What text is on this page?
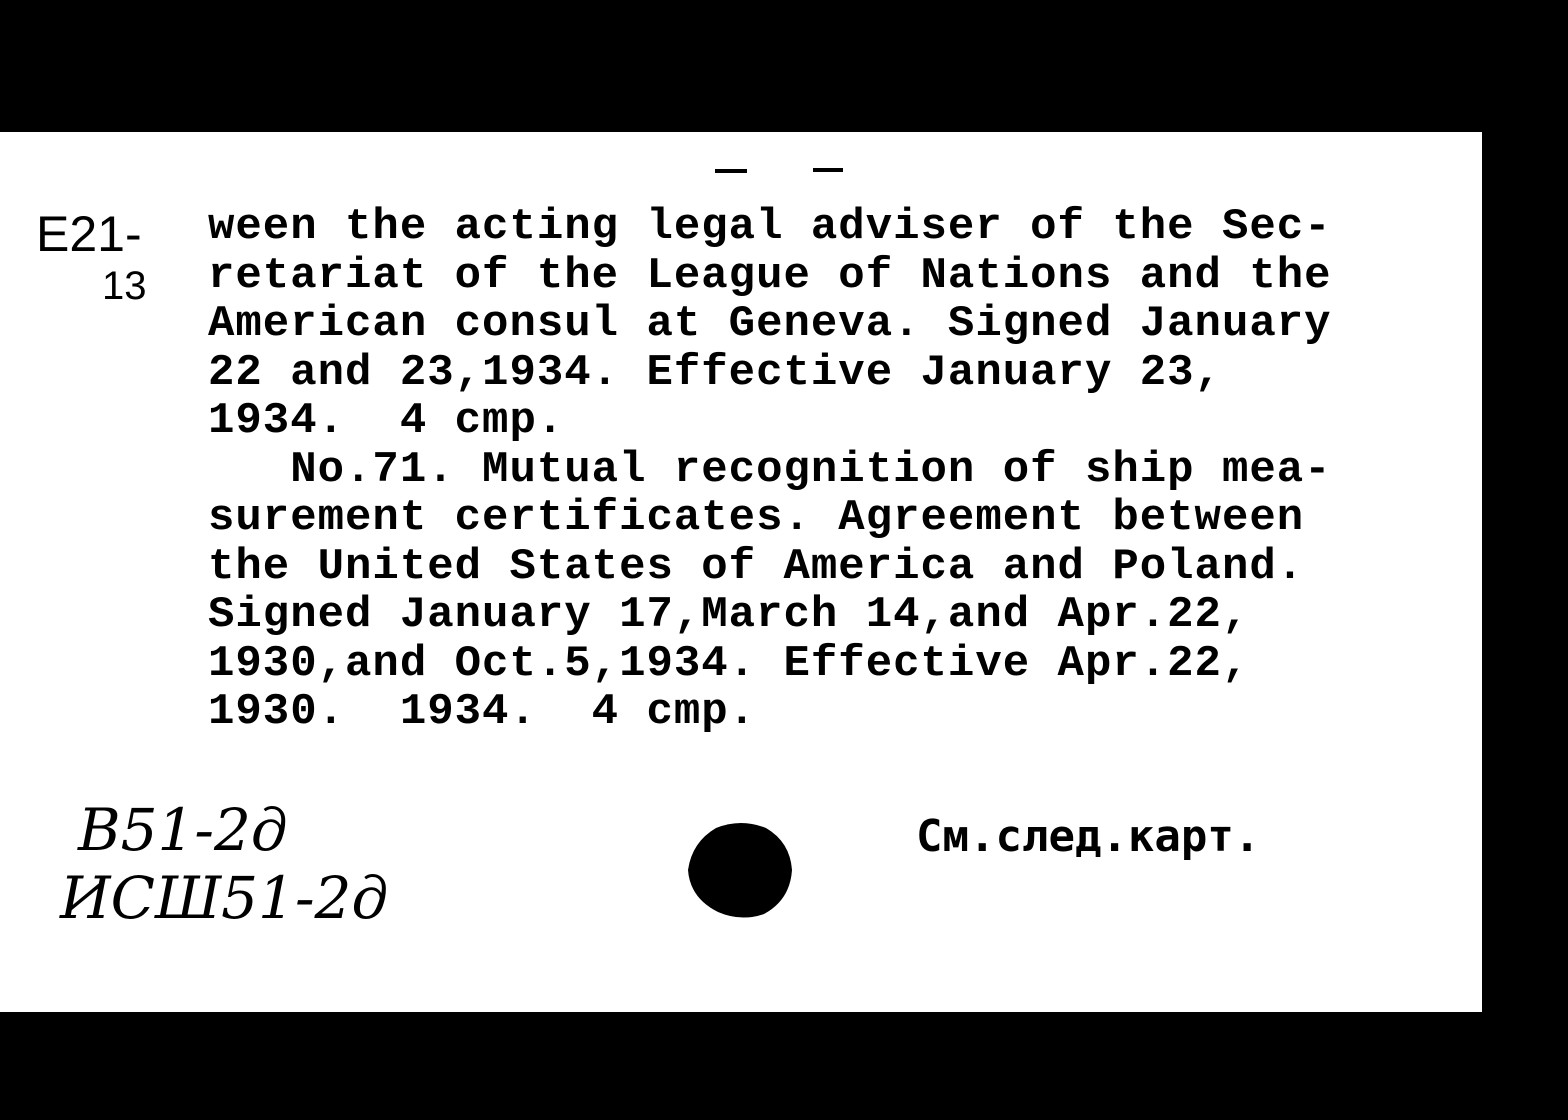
E21-
13
ween the acting legal adviser of the Sec-
retariat of the League of Nations and the
American consul at Geneva. Signed January
22 and 23,1934. Effective January 23,
1934.  4 cmp.
No.71. Mutual recognition of ship mea-
surement certificates. Agreement between
the United States of America and Poland.
Signed January 17,March 14,and Apr.22,
1930,and Oct.5,1934. Effective Apr.22,
1930.  1934.  4 cmp.
B51-2д
ИСШ51-2д
См.след.карт.
